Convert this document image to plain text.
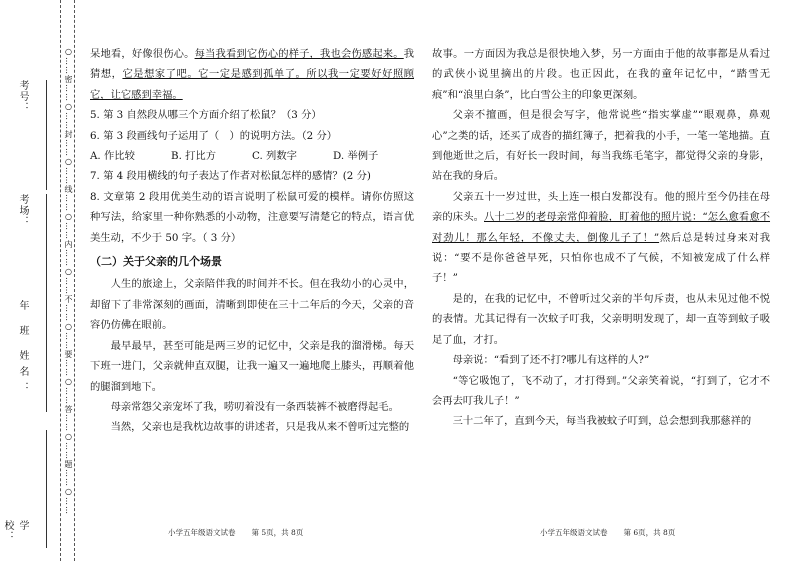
考号：
考场：
年 班 姓名：
学校：
○……密……○……封……○……线……○……内……○……不……○……要……○……答……○……题……○…… 呆地看，好像很伤心。每当我看到它伤心的样子，我也会伤感起来。我猜想，它是想家了吧。它一定是感到孤单了。所以我一定要好好照顾它，让它感到幸福。

5. 第 3 自然段从哪三个方面介绍了松鼠？（3 分）

6. 第 3 段画线句子运用了（　）的说明方法。（2 分）

A. 作比较	B. 打比方	C. 列数字	D. 举例子

7. 第 4 段用横线的句子表达了作者对松鼠怎样的感情？(2 分)

8. 文章第 2 段用优美生动的语言说明了松鼠可爱的模样。请你仿照这种写法，给家里一种你熟悉的小动物，注意要写清楚它的特点，语言优美生动，不少于 50 字。（ 3 分）

（二）关于父亲的几个场景

人生的旅途上，父亲陪伴我的时间并不长。但在我幼小的心灵中，却留下了非常深刻的画面，清晰到即使在三十二年后的今天，父亲的音容仍仿佛在眼前。

最早最早，甚至可能是两三岁的记忆中，父亲是我的溜滑梯。每天下班一进门，父亲就伸直双腿，让我一遍又一遍地爬上膝头，再顺着他的腿溜到地下。

母亲常怨父亲宠坏了我，唠叨着没有一条西装裤不被磨得起毛。

当然，父亲也是我枕边故事的讲述者，只是我从来不曾听过完整的

故事。一方面因为我总是很快地入梦，另一方面由于他的故事都是从看过的武侠小说里摘出的片段。也正因此，在我的童年记忆中，“踏雪无痕”和“浪里白条”，比白雪公主的印象更深刻。

父亲不擅画，但是很会写字，他常说些“指实掌虚”“眼观鼻，鼻观心”之类的话，还买了成沓的描红簿子，把着我的小手，一笔一笔地描。直到他逝世之后，有好长一段时间，每当我练毛笔字，都觉得父亲的身影，站在我的身后。

父亲五十一岁过世，头上连一根白发都没有。他的照片至今仍挂在母亲的床头。八十二岁的老母亲常仰着脸，盯着他的照片说：“怎么愈看愈不对劲儿！那么年轻，不像丈夫，倒像儿子了！”然后总是转过身来对我说：“要不是你爸爸早死，只怕你也成不了气候，不知被宠成了什么样子！”

是的，在我的记忆中，不曾听过父亲的半句斥责，也从未见过他不悦的表情。尤其记得有一次蚊子叮我，父亲明明发现了，却一直等到蚊子吸足了血，才打。

母亲说：“看到了还不打?哪儿有这样的人?”

“等它吸饱了，飞不动了，才打得到。”父亲笑着说，“打到了，它才不会再去叮我儿子！”

三十二年了，直到今天，每当我被蚊子叮到，总会想到我那慈祥的

小学五年级语文试卷 第 5页，共 8页	小学五年级语文试卷 第 6页，共 8页
